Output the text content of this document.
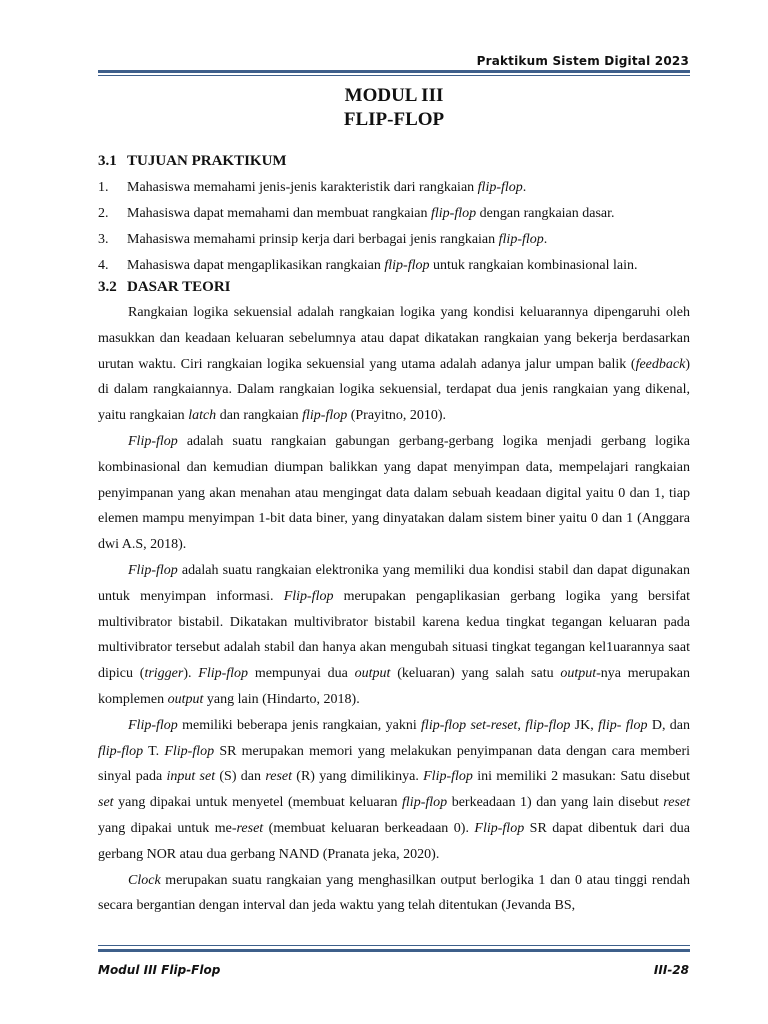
Praktikum Sistem Digital 2023
MODUL III
FLIP-FLOP
3.1 TUJUAN PRAKTIKUM
1. Mahasiswa memahami jenis-jenis karakteristik dari rangkaian flip-flop.
2. Mahasiswa dapat memahami dan membuat rangkaian flip-flop dengan rangkaian dasar.
3. Mahasiswa memahami prinsip kerja dari berbagai jenis rangkaian flip-flop.
4. Mahasiswa dapat mengaplikasikan rangkaian flip-flop untuk rangkaian kombinasional lain.
3.2 DASAR TEORI

Rangkaian logika sekuensial adalah rangkaian logika yang kondisi keluarannya dipengaruhi oleh masukkan dan keadaan keluaran sebelumnya atau dapat dikatakan rangkaian yang bekerja berdasarkan urutan waktu. Ciri rangkaian logika sekuensial yang utama adalah adanya jalur umpan balik (feedback) di dalam rangkaiannya. Dalam rangkaian logika sekuensial, terdapat dua jenis rangkaian yang dikenal, yaitu rangkaian latch dan rangkaian flip-flop (Prayitno, 2010).

Flip-flop adalah suatu rangkaian gabungan gerbang-gerbang logika menjadi gerbang logika kombinasional dan kemudian diumpan balikkan yang dapat menyimpan data, mempelajari rangkaian penyimpanan yang akan menahan atau mengingat data dalam sebuah keadaan digital yaitu 0 dan 1, tiap elemen mampu menyimpan 1-bit data biner, yang dinyatakan dalam sistem biner yaitu 0 dan 1 (Anggara dwi A.S, 2018).

Flip-flop adalah suatu rangkaian elektronika yang memiliki dua kondisi stabil dan dapat digunakan untuk menyimpan informasi. Flip-flop merupakan pengaplikasian gerbang logika yang bersifat multivibrator bistabil. Dikatakan multivibrator bistabil karena kedua tingkat tegangan keluaran pada multivibrator tersebut adalah stabil dan hanya akan mengubah situasi tingkat tegangan kel1uarannya saat dipicu (trigger). Flip-flop mempunyai dua output (keluaran) yang salah satu output-nya merupakan komplemen output yang lain (Hindarto, 2018).

Flip-flop memiliki beberapa jenis rangkaian, yakni flip-flop set-reset, flip-flop JK, flip- flop D, dan flip-flop T. Flip-flop SR merupakan memori yang melakukan penyimpanan data dengan cara memberi sinyal pada input set (S) dan reset (R) yang dimilikinya. Flip-flop ini memiliki 2 masukan: Satu disebut set yang dipakai untuk menyetel (membuat keluaran flip-flop berkeadaan 1) dan yang lain disebut reset yang dipakai untuk me-reset (membuat keluaran berkeadaan 0). Flip-flop SR dapat dibentuk dari dua gerbang NOR atau dua gerbang NAND (Pranata jeka, 2020).

Clock merupakan suatu rangkaian yang menghasilkan output berlogika 1 dan 0 atau tinggi rendah secara bergantian dengan interval dan jeda waktu yang telah ditentukan (Jevanda BS,

Modul III Flip-Flop	III-28
